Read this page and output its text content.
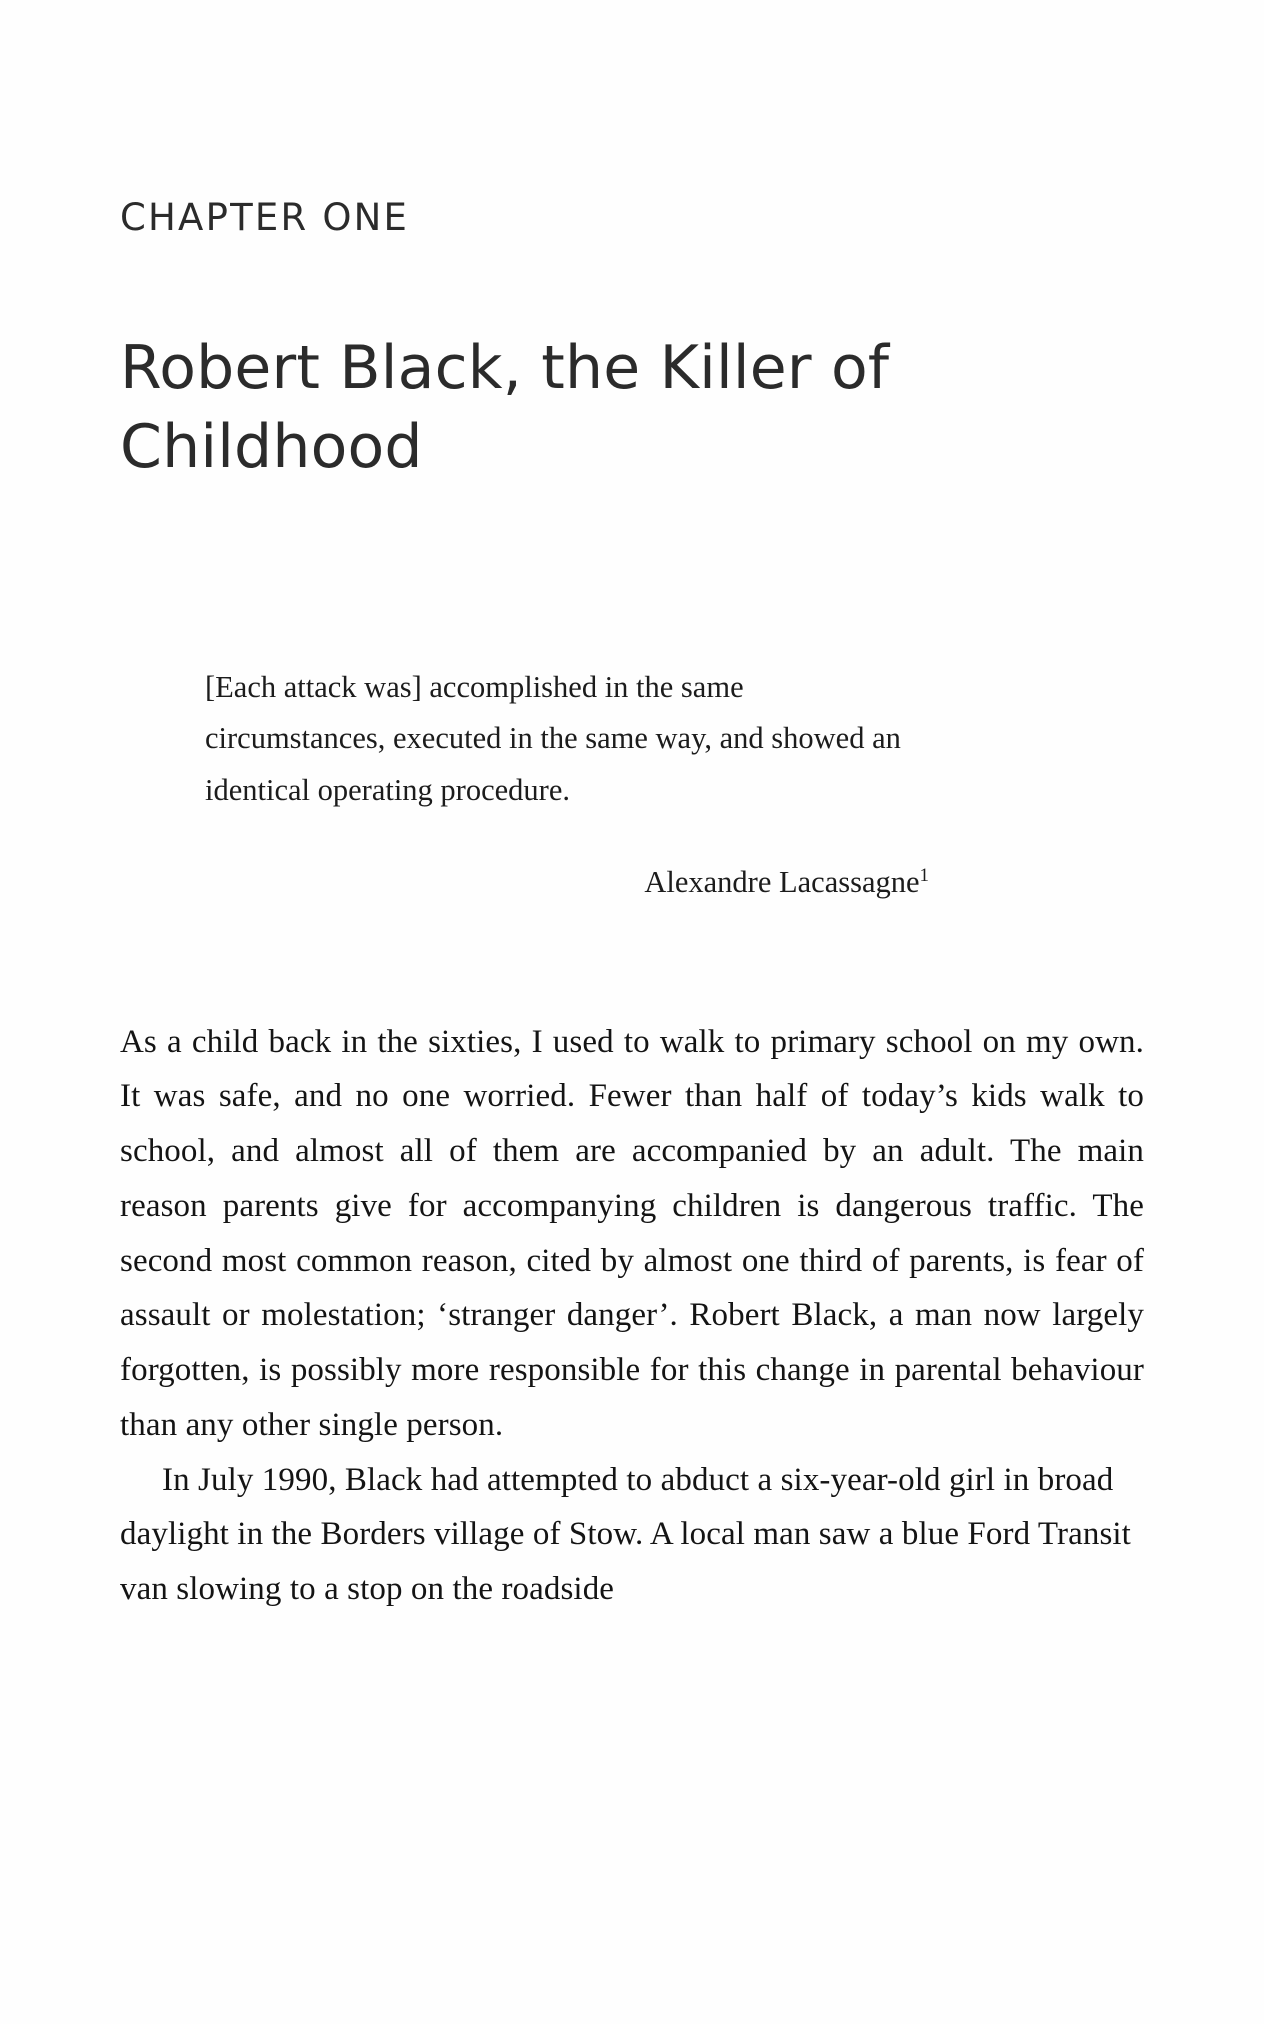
CHAPTER ONE
Robert Black, the Killer of Childhood

[Each attack was] accomplished in the same circumstances, executed in the same way, and showed an identical operating procedure.

Alexandre Lacassagne$^1$

As a child back in the sixties, I used to walk to primary school on my own. It was safe, and no one worried. Fewer than half of today’s kids walk to school, and almost all of them are accompanied by an adult. The main reason parents give for accompanying children is dangerous traffic. The second most common reason, cited by almost one third of parents, is fear of assault or molestation; ‘stranger danger’. Robert Black, a man now largely forgotten, is possibly more responsible for this change in parental behaviour than any other single person.

In July 1990, Black had attempted to abduct a six-year-old girl in broad daylight in the Borders village of Stow. A local man saw a blue Ford Transit van slowing to a stop on the roadside
